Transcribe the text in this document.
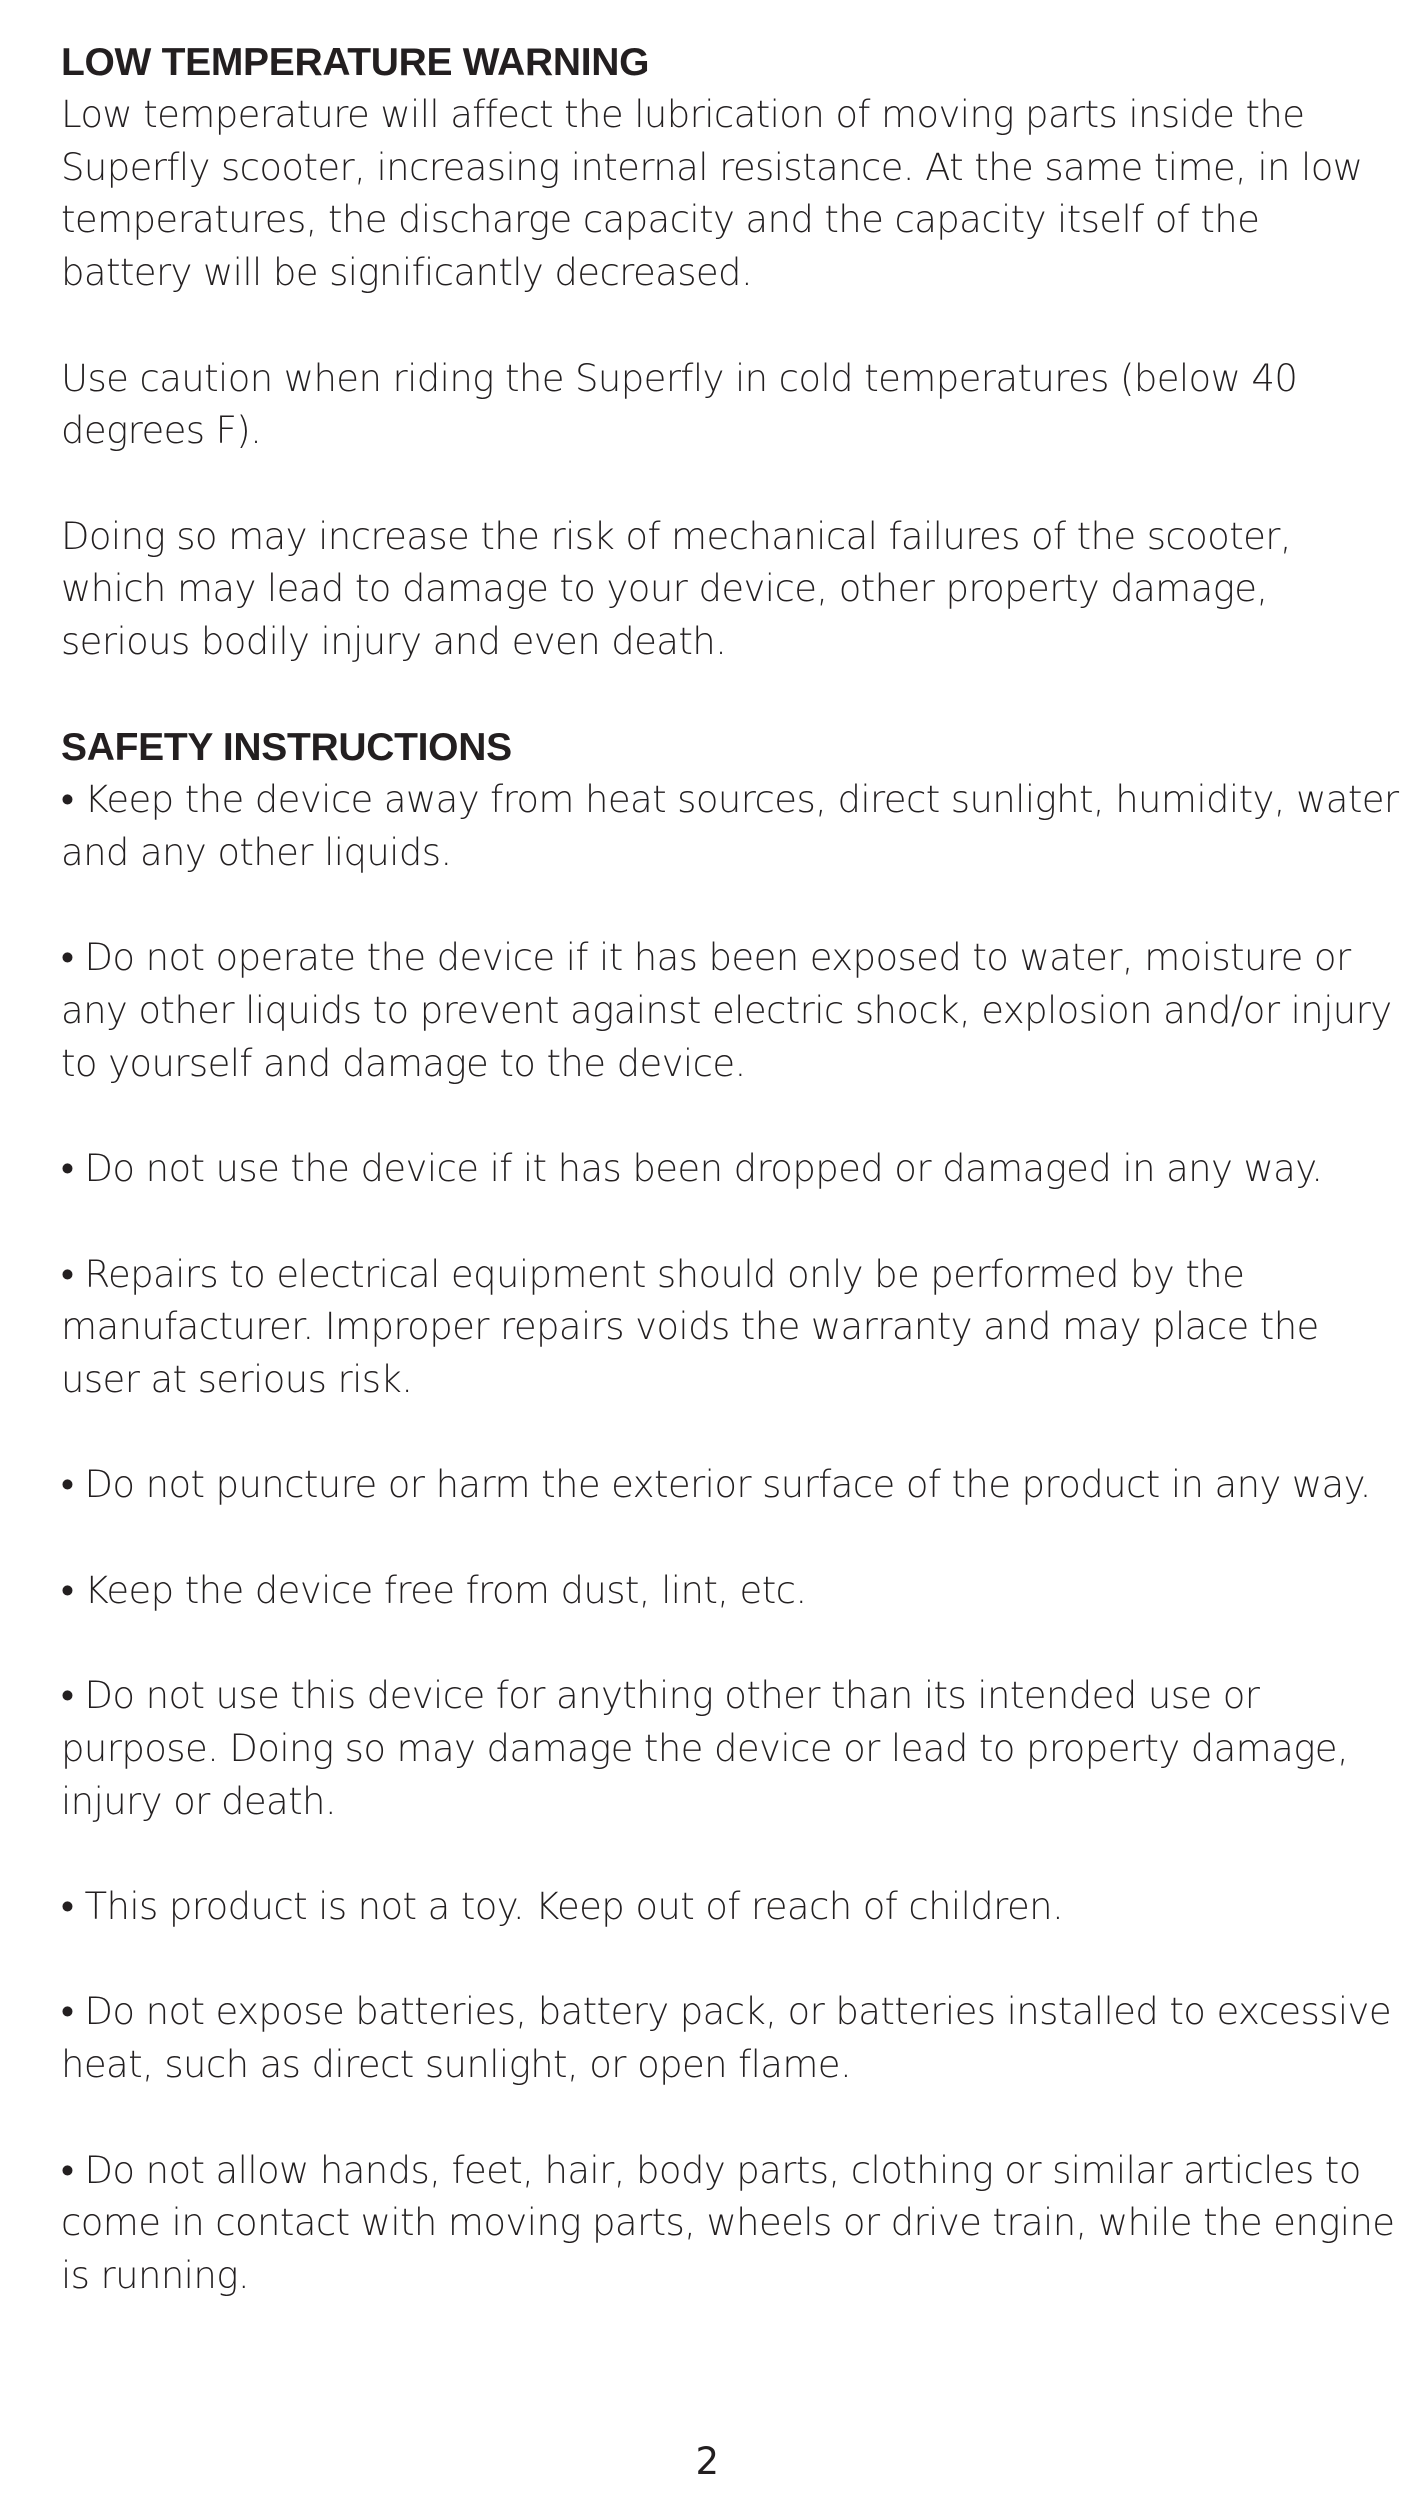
LOW TEMPERATURE WARNING

Low temperature will affect the lubrication of moving parts inside the Superfly scooter, increasing internal resistance. At the same time, in low temperatures, the discharge capacity and the capacity itself of the battery will be significantly decreased.

Use caution when riding the Superfly in cold temperatures (below 40 degrees F).

Doing so may increase the risk of mechanical failures of the scooter, which may lead to damage to your device, other property damage, serious bodily injury and even death.

SAFETY INSTRUCTIONS

• Keep the device away from heat sources, direct sunlight, humidity, water and any other liquids.

• Do not operate the device if it has been exposed to water, moisture or any other liquids to prevent against electric shock, explosion and/or injury to yourself and damage to the device.

• Do not use the device if it has been dropped or damaged in any way.

• Repairs to electrical equipment should only be performed by the manufacturer. Improper repairs voids the warranty and may place the user at serious risk.

• Do not puncture or harm the exterior surface of the product in any way.

• Keep the device free from dust, lint, etc.

• Do not use this device for anything other than its intended use or purpose. Doing so may damage the device or lead to property damage, injury or death.

• This product is not a toy. Keep out of reach of children.

• Do not expose batteries, battery pack, or batteries installed to excessive heat, such as direct sunlight, or open flame.

• Do not allow hands, feet, hair, body parts, clothing or similar articles to come in contact with moving parts, wheels or drive train, while the engine is running.

2
